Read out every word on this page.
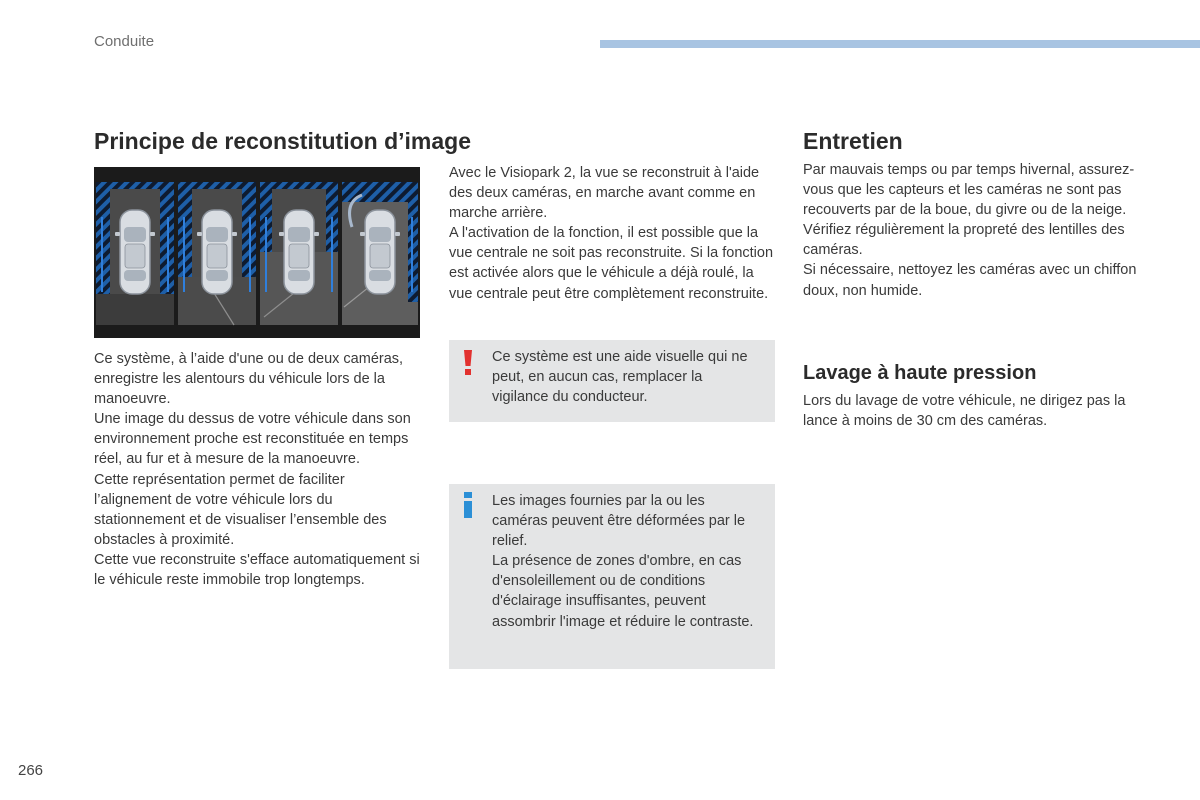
Conduite
Principe de reconstitution d’image

Ce système, à l’aide d'une ou de deux caméras, enregistre les alentours du véhicule lors de la manoeuvre.

Une image du dessus de votre véhicule dans son environnement proche est reconstituée en temps réel, au fur et à mesure de la manoeuvre.

Cette représentation permet de faciliter l’alignement de votre véhicule lors du stationnement et de visualiser l’ensemble des obstacles à proximité.

Cette vue reconstruite s'efface automatiquement si le véhicule reste immobile trop longtemps.

Avec le Visiopark 2, la vue se reconstruit à l'aide des deux caméras, en marche avant comme en marche arrière.

A l'activation de la fonction, il est possible que la vue centrale ne soit pas reconstruite. Si la fonction est activée alors que le véhicule a déjà roulé, la vue centrale peut être complètement reconstruite.

Ce système est une aide visuelle qui ne peut, en aucun cas, remplacer la vigilance du conducteur.

Les images fournies par la ou les caméras peuvent être déformées par le relief.

La présence de zones d'ombre, en cas d'ensoleillement ou de conditions d'éclairage insuffisantes, peuvent assombrir l'image et réduire le contraste.

Entretien

Par mauvais temps ou par temps hivernal, assurez-vous que les capteurs et les caméras ne sont pas recouverts par de la boue, du givre ou de la neige.

Vérifiez régulièrement la propreté des lentilles des caméras.

Si nécessaire, nettoyez les caméras avec un chiffon doux, non humide.

Lavage à haute pression
Lors du lavage de votre véhicule, ne dirigez pas la lance à moins de 30 cm des caméras.
266
